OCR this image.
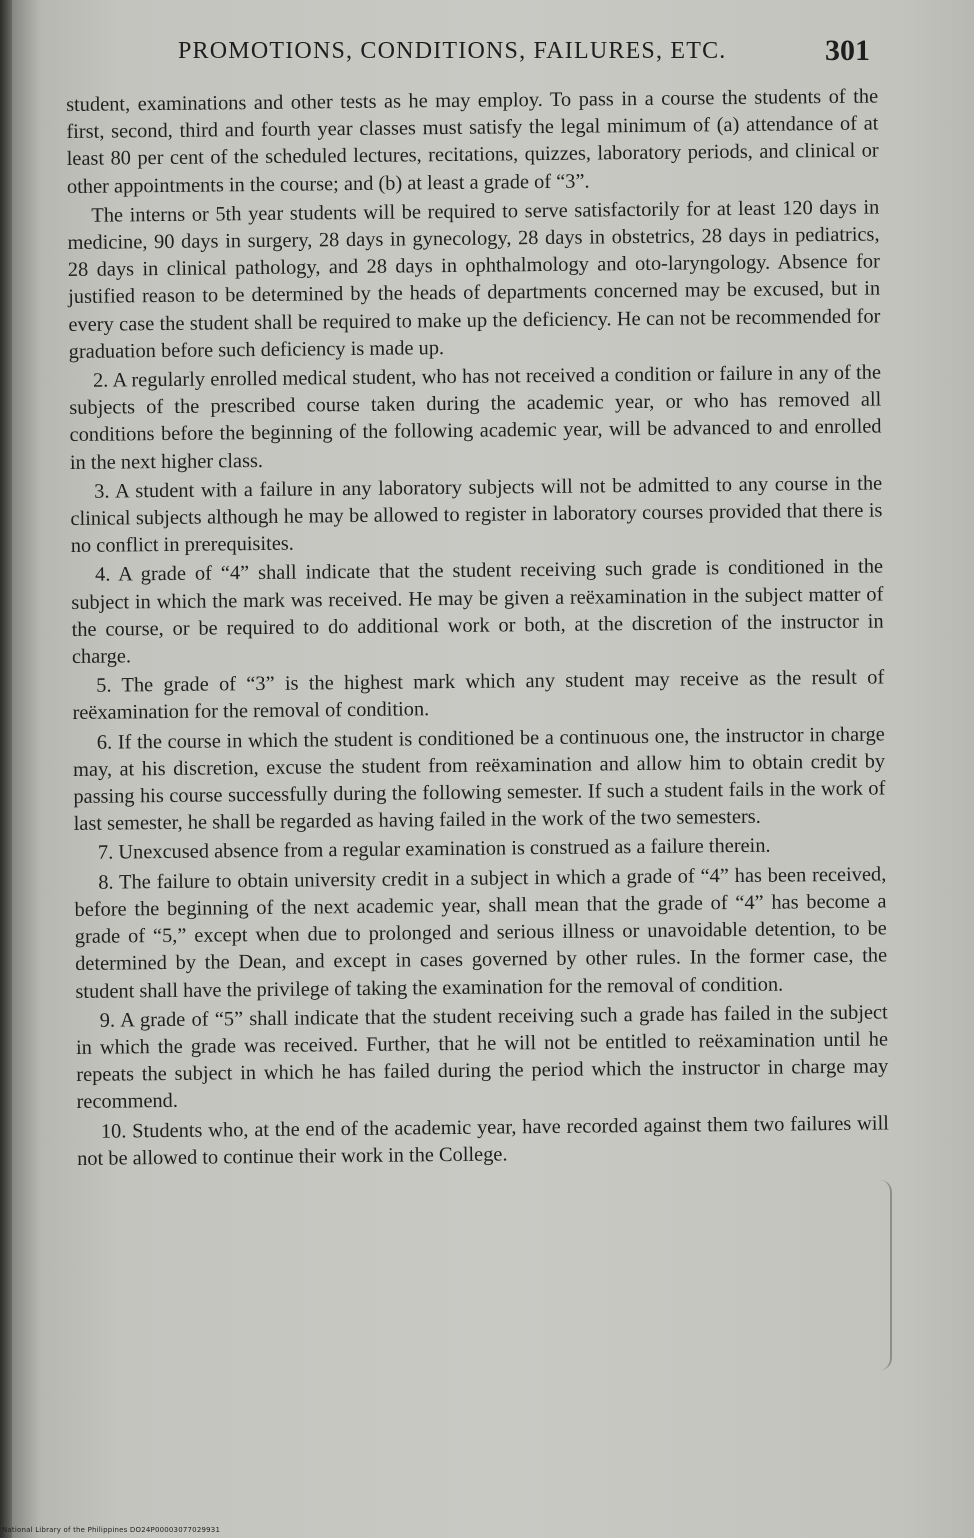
PROMOTIONS, CONDITIONS, FAILURES, ETC.	301

student, examinations and other tests as he may employ. To pass in a course the students of the first, second, third and fourth year classes must satisfy the legal minimum of (a) attendance of at least 80 per cent of the scheduled lectures, recitations, quizzes, laboratory periods, and clinical or other appointments in the course; and (b) at least a grade of “3”.

The interns or 5th year students will be required to serve satisfactorily for at least 120 days in medicine, 90 days in surgery, 28 days in gynecology, 28 days in obstetrics, 28 days in pediatrics, 28 days in clinical pathology, and 28 days in ophthalmology and oto-laryngology. Absence for justified reason to be determined by the heads of departments concerned may be excused, but in every case the student shall be required to make up the deficiency. He can not be recommended for graduation before such deficiency is made up.

2. A regularly enrolled medical student, who has not received a condition or failure in any of the subjects of the prescribed course taken during the academic year, or who has removed all conditions before the beginning of the following academic year, will be advanced to and enrolled in the next higher class.

3. A student with a failure in any laboratory subjects will not be admitted to any course in the clinical subjects although he may be allowed to register in laboratory courses provided that there is no conflict in prerequisites.

4. A grade of “4” shall indicate that the student receiving such grade is conditioned in the subject in which the mark was received. He may be given a reëxamination in the subject matter of the course, or be required to do additional work or both, at the discretion of the instructor in charge.

5. The grade of “3” is the highest mark which any student may receive as the result of reëxamination for the removal of condition.

6. If the course in which the student is conditioned be a continuous one, the instructor in charge may, at his discretion, excuse the student from reëxamination and allow him to obtain credit by passing his course successfully during the following semester. If such a student fails in the work of last semester, he shall be regarded as having failed in the work of the two semesters.

7. Unexcused absence from a regular examination is construed as a failure therein.

8. The failure to obtain university credit in a subject in which a grade of “4” has been received, before the beginning of the next academic year, shall mean that the grade of “4” has become a grade of “5,” except when due to prolonged and serious illness or unavoidable detention, to be determined by the Dean, and except in cases governed by other rules. In the former case, the student shall have the privilege of taking the examination for the removal of condition.

9. A grade of “5” shall indicate that the student receiving such a grade has failed in the subject in which the grade was received. Further, that he will not be entitled to reëxamination until he repeats the subject in which he has failed during the period which the instructor in charge may recommend.

10. Students who, at the end of the academic year, have recorded against them two failures will not be allowed to continue their work in the College.

National Library of the Philippines DO24P00003077029931
